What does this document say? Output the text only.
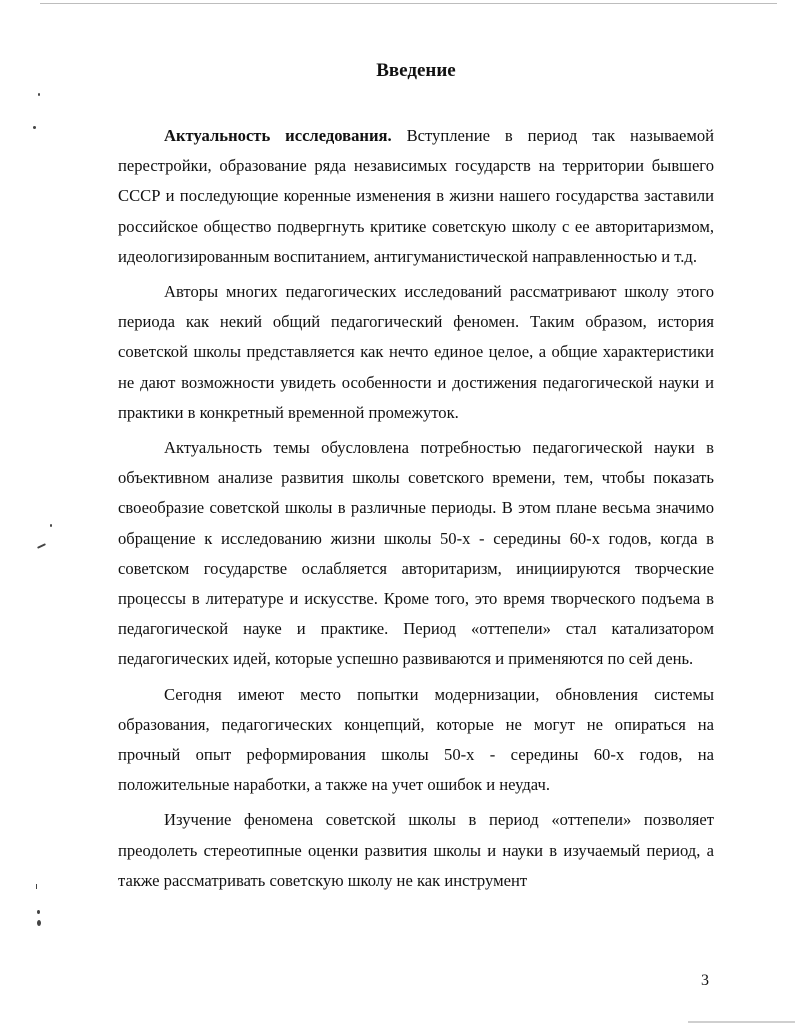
Введение

Актуальность исследования. Вступление в период так называемой перестройки, образование ряда независимых государств на территории бывшего СССР и последующие коренные изменения в жизни нашего государства заставили российское общество подвергнуть критике советскую школу с ее авторитаризмом, идеологизированным воспитанием, антигуманистической направленностью и т.д.

Авторы многих педагогических исследований рассматривают школу этого периода как некий общий педагогический феномен. Таким образом, история советской школы представляется как нечто единое целое, а общие характеристики не дают возможности увидеть особенности и достижения педагогической науки и практики в конкретный временной промежуток.

Актуальность темы обусловлена потребностью педагогической науки в объективном анализе развития школы советского времени, тем, чтобы показать своеобразие советской школы в различные периоды. В этом плане весьма значимо обращение к исследованию жизни школы 50-х - середины 60-х годов, когда в советском государстве ослабляется авторитаризм, инициируются творческие процессы в литературе и искусстве. Кроме того, это время творческого подъема в педагогической науке и практике. Период «оттепели» стал катализатором педагогических идей, которые успешно развиваются и применяются по сей день.

Сегодня имеют место попытки модернизации, обновления системы образования, педагогических концепций, которые не могут не опираться на прочный опыт реформирования школы 50-х - середины 60-х годов, на положительные наработки, а также на учет ошибок и неудач.

Изучение феномена советской школы в период «оттепели» позволяет преодолеть стереотипные оценки развития школы и науки в изучаемый период, а также рассматривать советскую школу не как инструмент

3
